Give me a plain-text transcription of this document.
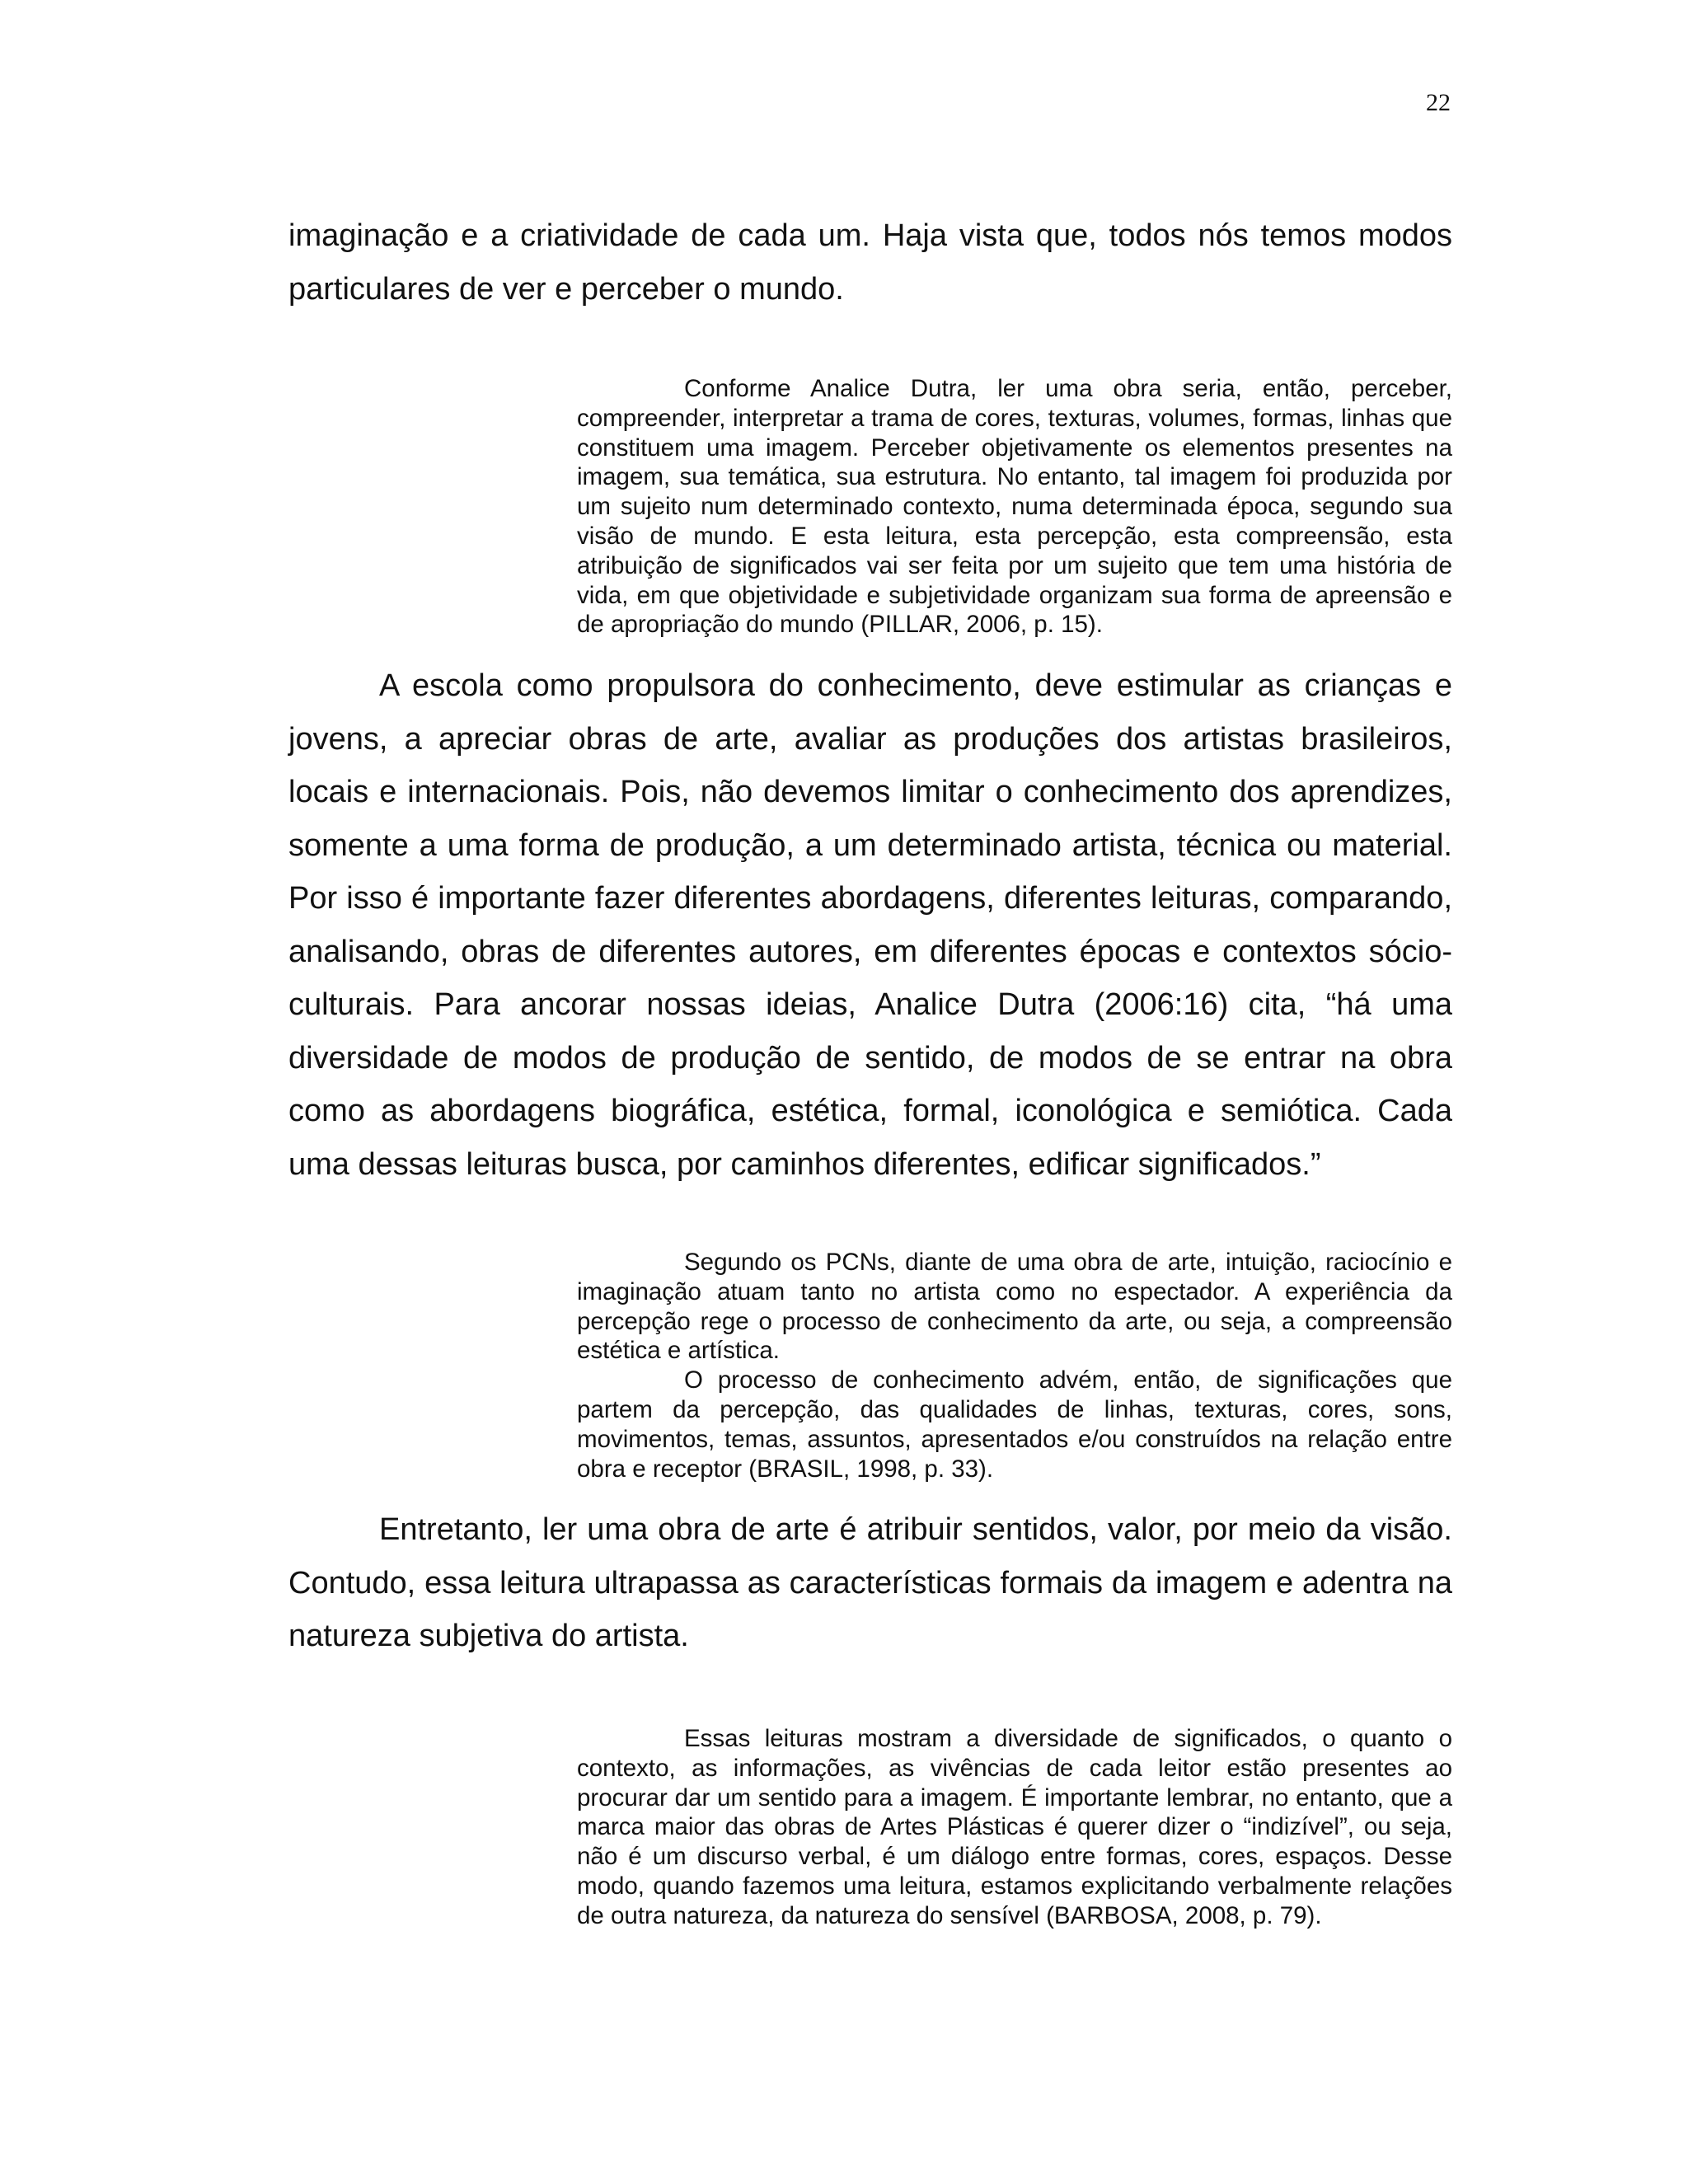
22

imaginação e a criatividade de cada um. Haja vista que, todos nós temos modos particulares de ver e perceber o mundo.

Conforme Analice Dutra, ler uma obra seria, então, perceber, compreender, interpretar a trama de cores, texturas, volumes, formas, linhas que constituem uma imagem. Perceber objetivamente os elementos presentes na imagem, sua temática, sua estrutura. No entanto, tal imagem foi produzida por um sujeito num determinado contexto, numa determinada época, segundo sua visão de mundo. E esta leitura, esta percepção, esta compreensão, esta atribuição de significados vai ser feita por um sujeito que tem uma história de vida, em que objetividade e subjetividade organizam sua forma de apreensão e de apropriação do mundo (PILLAR, 2006, p. 15).

A escola como propulsora do conhecimento, deve estimular as crianças e jovens, a apreciar obras de arte, avaliar as produções dos artistas brasileiros, locais e internacionais. Pois, não devemos limitar o conhecimento dos aprendizes, somente a uma forma de produção, a um determinado artista, técnica ou material. Por isso é importante fazer diferentes abordagens, diferentes leituras, comparando, analisando, obras de diferentes autores, em diferentes épocas e contextos sócio-culturais. Para ancorar nossas ideias, Analice Dutra (2006:16) cita, “há uma diversidade de modos de produção de sentido, de modos de se entrar na obra como as abordagens biográfica, estética, formal, iconológica e semiótica. Cada uma dessas leituras busca, por caminhos diferentes, edificar significados.”

Segundo os PCNs, diante de uma obra de arte, intuição, raciocínio e imaginação atuam tanto no artista como no espectador. A experiência da percepção rege o processo de conhecimento da arte, ou seja, a compreensão estética e artística.

O processo de conhecimento advém, então, de significações que partem da percepção, das qualidades de linhas, texturas, cores, sons, movimentos, temas, assuntos, apresentados e/ou construídos na relação entre obra e receptor (BRASIL, 1998, p. 33).

Entretanto, ler uma obra de arte é atribuir sentidos, valor, por meio da visão. Contudo, essa leitura ultrapassa as características formais da imagem e adentra na natureza subjetiva do artista.

Essas leituras mostram a diversidade de significados, o quanto o contexto, as informações, as vivências de cada leitor estão presentes ao procurar dar um sentido para a imagem. É importante lembrar, no entanto, que a marca maior das obras de Artes Plásticas é querer dizer o “indizível”, ou seja, não é um discurso verbal, é um diálogo entre formas, cores, espaços. Desse modo, quando fazemos uma leitura, estamos explicitando verbalmente relações de outra natureza, da natureza do sensível (BARBOSA, 2008, p. 79).
